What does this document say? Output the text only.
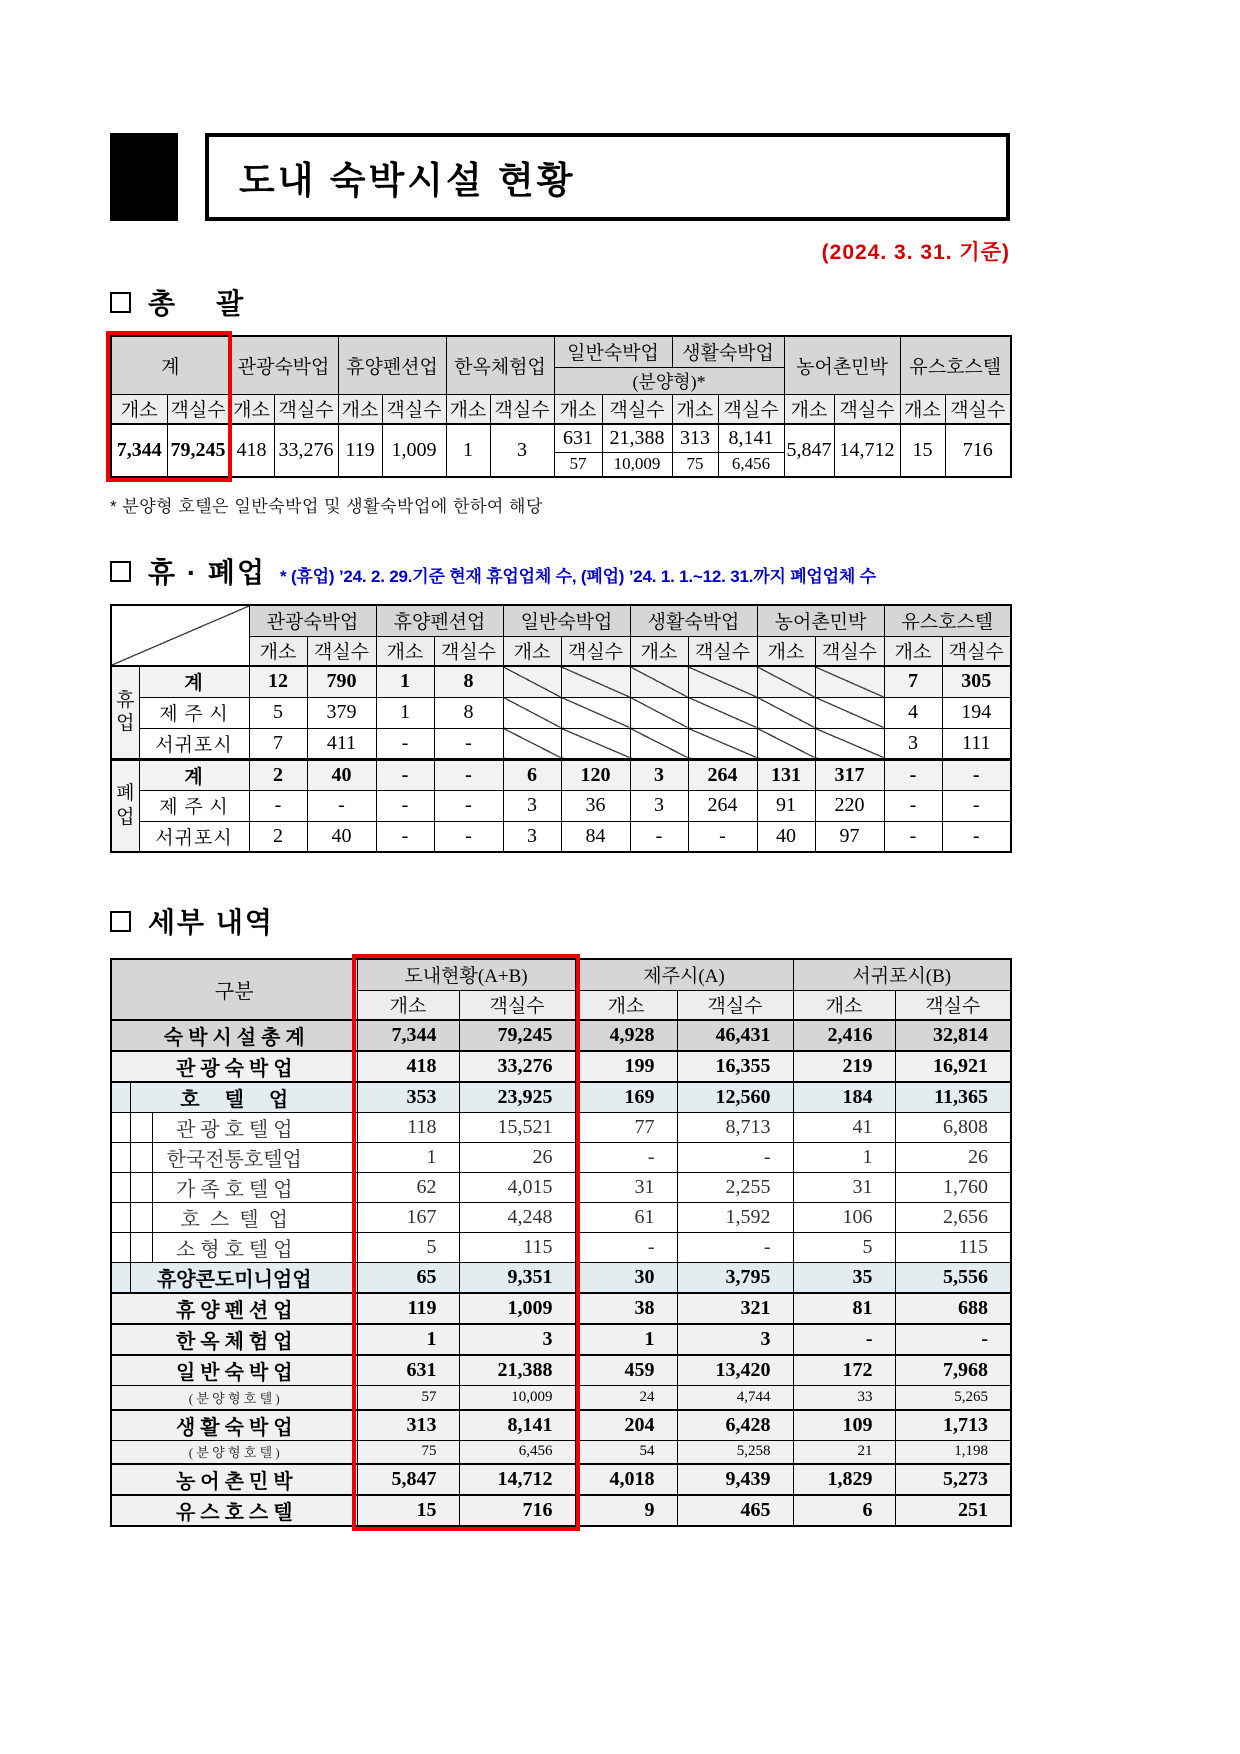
도내 숙박시설 현황
(2024. 3. 31. 기준)
총    괄
계		관광숙박업		휴양펜션업		한옥체험업		일반숙박업		생활숙박업		농어촌민박		유스호스텔	
								(분양형)*							
개소	객실수	개소	객실수	개소	객실수	개소	객실수	개소	객실수	개소	객실수	개소	객실수	개소	객실수
7,344	79,245	418	33,276	119	1,009	1	3	631	21,388	313	8,141	5,847	14,712	15	716
								57	10,009	75	6,456				
* 분양형 호텔은 일반숙박업 및 생활숙박업에 한하여 해당
휴 · 폐업 * (휴업) ’24. 2. 29.기준 현재 휴업업체 수, (폐업) ’24. 1. 1.~12. 31.까지 폐업업체 수
		관광숙박업		휴양펜션업		일반숙박업		생활숙박업		농어촌민박		유스호스텔	
		개소	객실수	개소	객실수	개소	객실수	개소	객실수	개소	객실수	개소	객실수

휴
업	계	12	790	1	8							7	305
	제 주 시	5	379	1	8							4	194
	서귀포시	7	411	-	-							3	111

폐
업	계	2	40	-	-	6	120	3	264	131	317	-	-
	제 주 시	-	-	-	-	3	36	3	264	91	220	-	-
	서귀포시	2	40	-	-	3	84	-	-	40	97	-	-
세부 내역
구분	도내현황(A+B)		제주시(A)		서귀포시(B)	
	개소	객실수	개소	객실수	개소	객실수
숙 박 시 설 총 계	7,344	79,245	4,928	46,431	2,416	32,814
관 광 숙 박 업	418	33,276	199	16,355	219	16,921
호     텔     업	353	23,925	169	12,560	184	11,365
관 광 호 텔 업	118	15,521	77	8,713	41	6,808
한국전통호텔업	1	26	-	-	1	26
가 족 호 텔 업	62	4,015	31	2,255	31	1,760
호  스  텔  업	167	4,248	61	1,592	106	2,656
소 형 호 텔 업	5	115	-	-	5	115
휴양콘도미니엄업	65	9,351	30	3,795	35	5,556
휴 양 펜 션 업	119	1,009	38	321	81	688
한 옥 체 험 업	1	3	1	3	-	-
일 반 숙 박 업	631	21,388	459	13,420	172	7,968
( 분 양 형 호 텔 )	57	10,009	24	4,744	33	5,265
생 활 숙 박 업	313	8,141	204	6,428	109	1,713
( 분 양 형 호 텔 )	75	6,456	54	5,258	21	1,198
농 어 촌 민 박	5,847	14,712	4,018	9,439	1,829	5,273
유 스 호 스 텔	15	716	9	465	6	251
